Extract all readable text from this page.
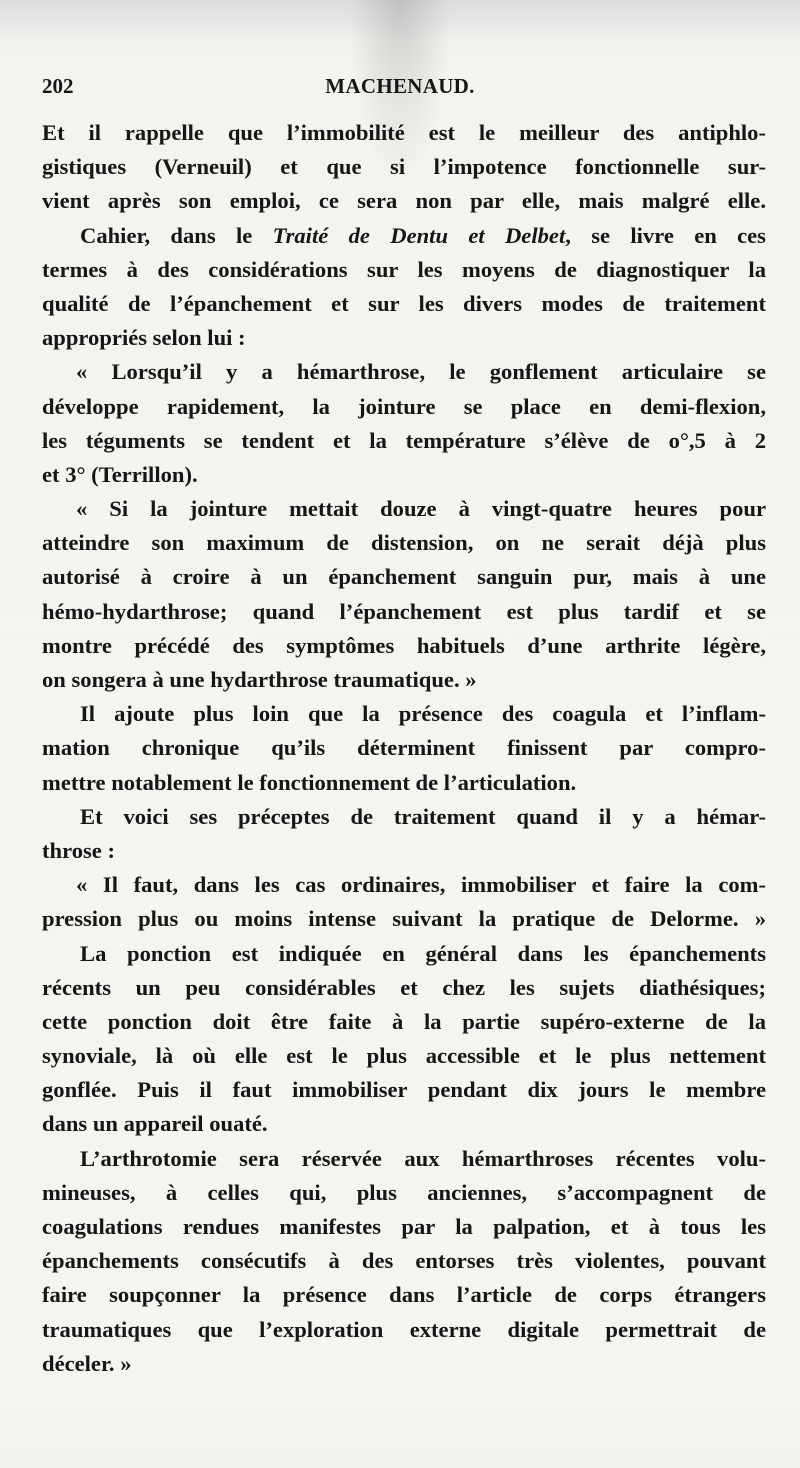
202	MACHENAUD.
Et il rappelle que l’immobilité est le meilleur des antiphlo-
gistiques (Verneuil) et que si l’impotence fonctionnelle sur-
vient après son emploi, ce sera non par elle, mais malgré elle.
Cahier, dans le Traité de Dentu et Delbet, se livre en ces
termes à des considérations sur les moyens de diagnostiquer la
qualité de l’épanchement et sur les divers modes de traitement
appropriés selon lui :
« Lorsqu’il y a hémarthrose, le gonflement articulaire se
développe rapidement, la jointure se place en demi-flexion,
les téguments se tendent et la température s’élève de o°,5 à 2
et 3° (Terrillon).
« Si la jointure mettait douze à vingt-quatre heures pour
atteindre son maximum de distension, on ne serait déjà plus
autorisé à croire à un épanchement sanguin pur, mais à une
hémo-hydarthrose; quand l’épanchement est plus tardif et se
montre précédé des symptômes habituels d’une arthrite légère,
on songera à une hydarthrose traumatique. »
Il ajoute plus loin que la présence des coagula et l’inflam-
mation chronique qu’ils déterminent finissent par compro-
mettre notablement le fonctionnement de l’articulation.
Et voici ses préceptes de traitement quand il y a hémar-
throse :
« Il faut, dans les cas ordinaires, immobiliser et faire la com-
pression plus ou moins intense suivant la pratique de Delorme. »
La ponction est indiquée en général dans les épanchements
récents un peu considérables et chez les sujets diathésiques;
cette ponction doit être faite à la partie supéro-externe de la
synoviale, là où elle est le plus accessible et le plus nettement
gonflée. Puis il faut immobiliser pendant dix jours le membre
dans un appareil ouaté.
L’arthrotomie sera réservée aux hémarthroses récentes volu-
mineuses, à celles qui, plus anciennes, s’accompagnent de
coagulations rendues manifestes par la palpation, et à tous les
épanchements consécutifs à des entorses très violentes, pouvant
faire soupçonner la présence dans l’article de corps étrangers
traumatiques que l’exploration externe digitale permettrait de
déceler. »
